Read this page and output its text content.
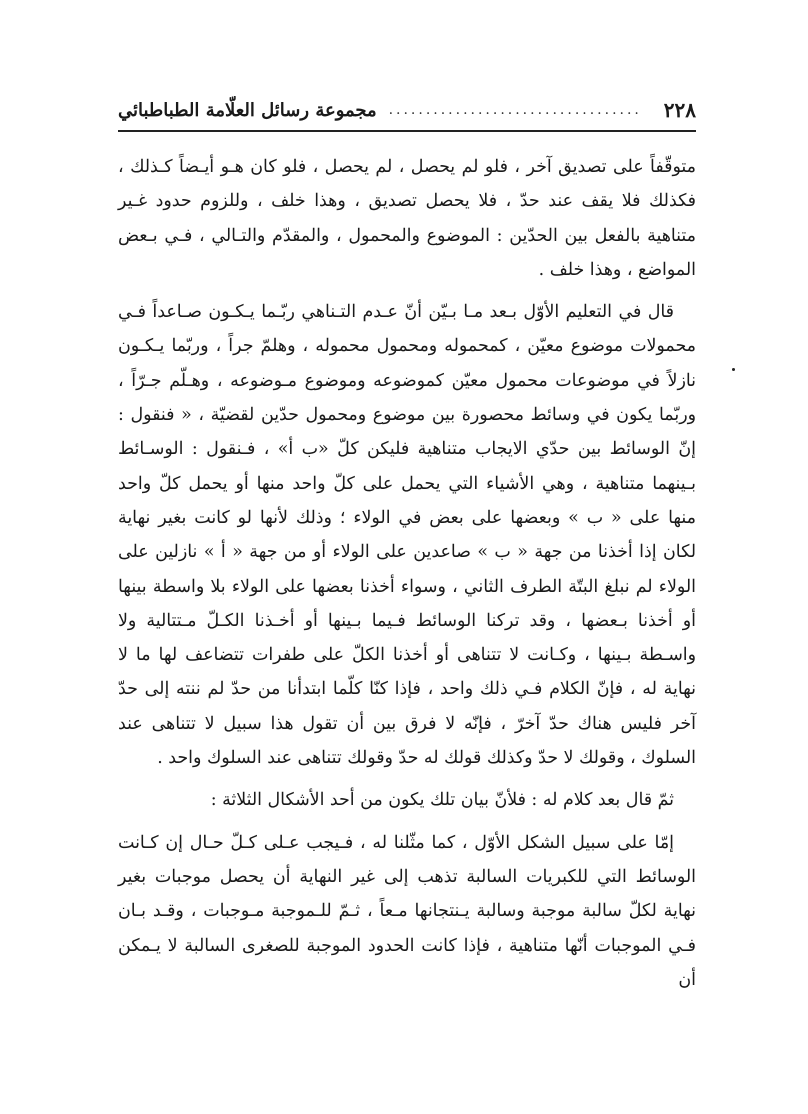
٢٢٨
..................................
مجموعة رسائل العلّامة الطباطبائي

متوقّفاً على تصديق آخر ، فلو لم يحصل ، لم يحصل ، فلو كان هـو أيـضاً كـذلك ، فكذلك فلا يقف عند حدّ ، فلا يحصل تصديق ، وهذا خلف ، وللزوم حدود غـير متناهية بالفعل بين الحدّين : الموضوع والمحمول ، والمقدّم والتـالي ، فـي بـعض المواضع ، وهذا خلف .

قال في التعليم الأوّل بـعد مـا بـيّن أنّ عـدم التـناهي ربّـما يـكـون صـاعداً فـي محمولات موضوع معيّن ، كمحموله ومحمول محموله ، وهلمّ جراً ، وربّما يـكـون نازلاً في موضوعات محمول معيّن كموضوعه وموضوع مـوضوعه ، وهـلّم جـرّاً ، وربّما يكون في وسائط محصورة بين موضوع ومحمول حدّين لقضيّة ، « فنقول : إنّ الوسائط بين حدّي الايجاب متناهية فليكن كلّ «ب أ» ، فـنقول : الوسـائط بـينهما متناهية ، وهي الأشياء التي يحمل على كلّ واحد منها أو يحمل كلّ واحد منها على « ب » وبعضها على بعض في الولاء ؛ وذلك لأنها لو كانت بغير نهاية لكان إذا أخذنا من جهة « ب » صاعدين على الولاء أو من جهة « أ » نازلين على الولاء لم نبلغ البتّة الطرف الثاني ، وسواء أخذنا بعضها على الولاء بلا واسطة بينها أو أخذنا بـعضها ، وقد تركنا الوسائط فـيما بـينها أو أخـذنا الكـلّ مـتتالية ولا واسـطة بـينها ، وكـانت لا تتناهى أو أخذنا الكلّ على طفرات تتضاعف لها ما لا نهاية له ، فإنّ الكلام فـي ذلك واحد ، فإذا كنّا كلّما ابتدأنا من حدّ لم ننته إلى حدّ آخر فليس هناك حدّ آخرّ ، فإنّه لا فرق بين أن تقول هذا سبيل لا تتناهى عند السلوك ، وقولك لا حدّ وكذلك قولك له حدّ وقولك تتناهى عند السلوك واحد .

ثمّ قال بعد كلام له : فلأنّ بيان تلك يكون من أحد الأشكال الثلاثة :

إمّا على سبيل الشكل الأوّل ، كما مثّلنا له ، فـيجب عـلى كـلّ حـال إن كـانت الوسائط التي للكبريات السالبة تذهب إلى غير النهاية أن يحصل موجبات بغير نهاية لكلّ سالبة موجبة وسالبة يـنتجانها مـعاً ، ثـمّ للـموجبة مـوجبات ، وقـد بـان فـي الموجبات أنّها متناهية ، فإذا كانت الحدود الموجبة للصغرى السالبة لا يـمكن أن
